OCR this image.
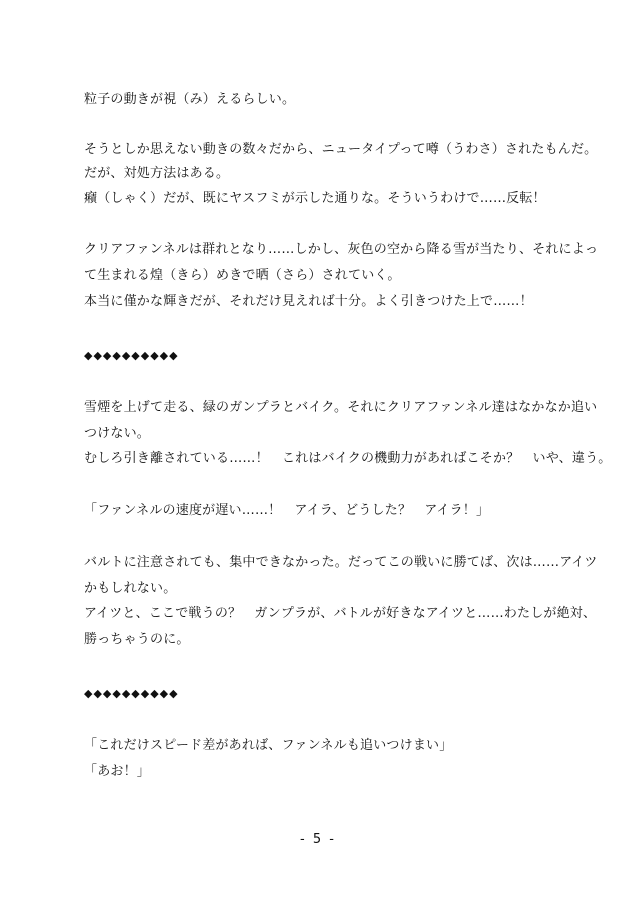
粒子の動きが視（み）えるらしい。
そうとしか思えない動きの数々だから、ニュータイプって噂（うわさ）されたもんだ。
だが、対処方法はある。
癪（しゃく）だが、既にヤスフミが示した通りな。そういうわけで……反転！
クリアファンネルは群れとなり……しかし、灰色の空から降る雪が当たり、それによっ
て生まれる煌（きら）めきで晒（さら）されていく。
本当に僅かな輝きだが、それだけ見えれば十分。よく引きつけた上で……！
◆◆◆◆◆◆◆◆◆◆
雪煙を上げて走る、緑のガンプラとバイク。それにクリアファンネル達はなかなか追い
つけない。
むしろ引き離されている……！　これはバイクの機動力があればこそか？　いや、違う。
「ファンネルの速度が遅い……！　アイラ、どうした？　アイラ！」
バルトに注意されても、集中できなかった。だってこの戦いに勝てば、次は……アイツ
かもしれない。
アイツと、ここで戦うの？　ガンプラが、バトルが好きなアイツと……わたしが絶対、
勝っちゃうのに。
◆◆◆◆◆◆◆◆◆◆
「これだけスピード差があれば、ファンネルも追いつけまい」
「あお！」
- 5 -
